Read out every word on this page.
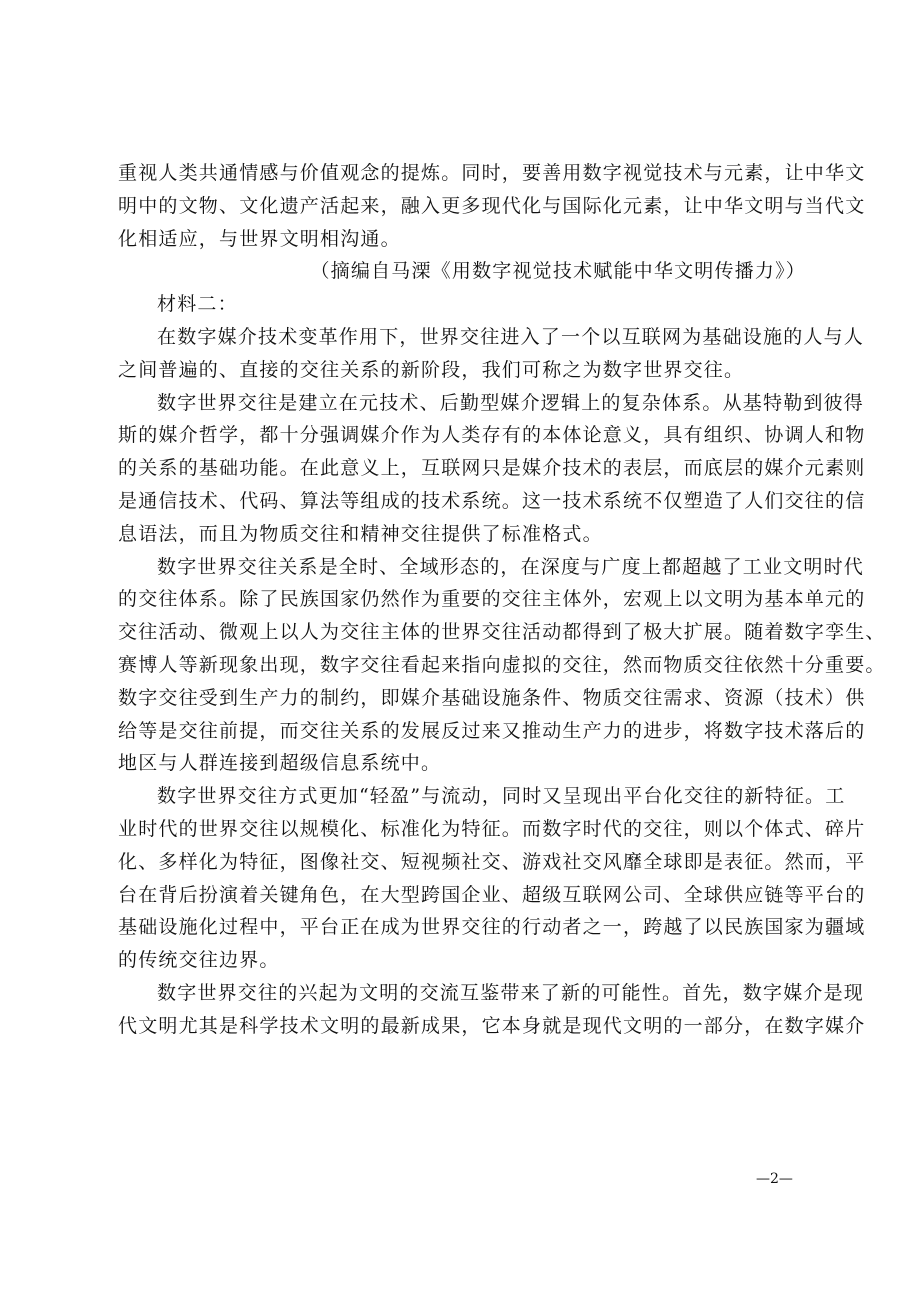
重视人类共通情感与价值观念的提炼。同时，要善用数字视觉技术与元素，让中华文
明中的文物、文化遗产活起来，融入更多现代化与国际化元素，让中华文明与当代文
化相适应，与世界文明相沟通。
（摘编自马溧《用数字视觉技术赋能中华文明传播力》）
材料二：
在数字媒介技术变革作用下，世界交往进入了一个以互联网为基础设施的人与人
之间普遍的、直接的交往关系的新阶段，我们可称之为数字世界交往。
数字世界交往是建立在元技术、后勤型媒介逻辑上的复杂体系。从基特勒到彼得
斯的媒介哲学，都十分强调媒介作为人类存有的本体论意义，具有组织、协调人和物
的关系的基础功能。在此意义上，互联网只是媒介技术的表层，而底层的媒介元素则
是通信技术、代码、算法等组成的技术系统。这一技术系统不仅塑造了人们交往的信
息语法，而且为物质交往和精神交往提供了标准格式。
数字世界交往关系是全时、全域形态的，在深度与广度上都超越了工业文明时代
的交往体系。除了民族国家仍然作为重要的交往主体外，宏观上以文明为基本单元的
交往活动、微观上以人为交往主体的世界交往活动都得到了极大扩展。随着数字孪生、
赛博人等新现象出现，数字交往看起来指向虚拟的交往，然而物质交往依然十分重要。
数字交往受到生产力的制约，即媒介基础设施条件、物质交往需求、资源（技术）供
给等是交往前提，而交往关系的发展反过来又推动生产力的进步，将数字技术落后的
地区与人群连接到超级信息系统中。
数字世界交往方式更加“轻盈”与流动，同时又呈现出平台化交往的新特征。工
业时代的世界交往以规模化、标准化为特征。而数字时代的交往，则以个体式、碎片
化、多样化为特征，图像社交、短视频社交、游戏社交风靡全球即是表征。然而，平
台在背后扮演着关键角色，在大型跨国企业、超级互联网公司、全球供应链等平台的
基础设施化过程中，平台正在成为世界交往的行动者之一，跨越了以民族国家为疆域
的传统交往边界。
数字世界交往的兴起为文明的交流互鉴带来了新的可能性。首先，数字媒介是现
代文明尤其是科学技术文明的最新成果，它本身就是现代文明的一部分，在数字媒介
—2—
